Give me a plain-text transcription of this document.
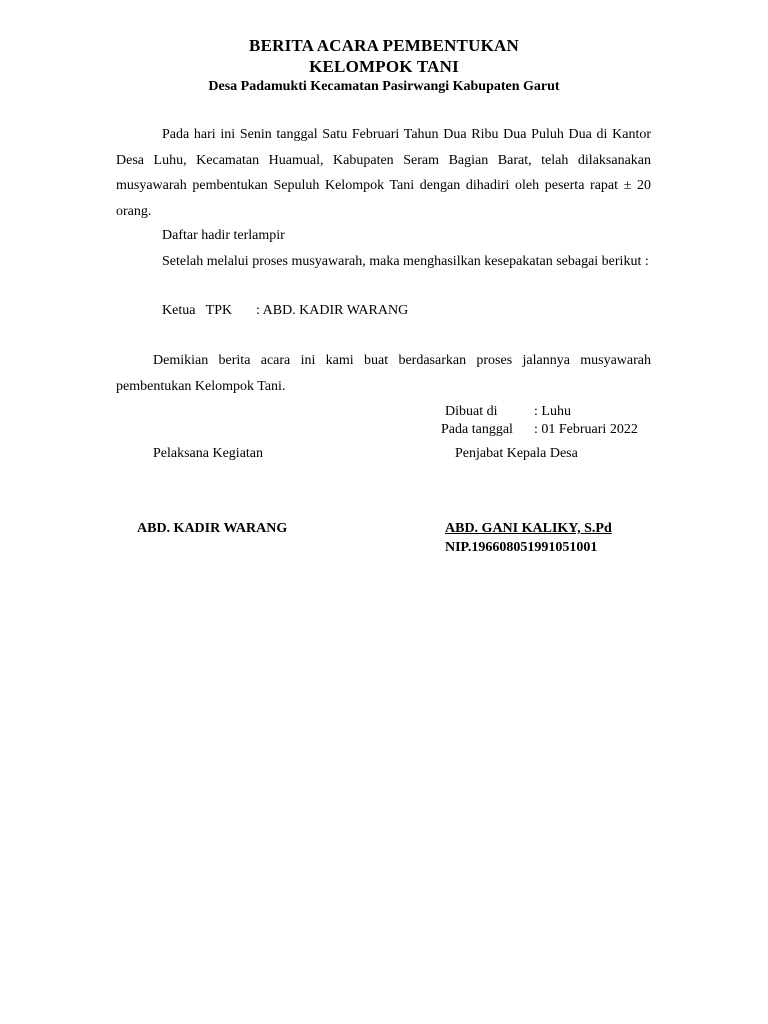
BERITA ACARA PEMBENTUKAN
KELOMPOK TANI
Desa Padamukti Kecamatan Pasirwangi Kabupaten Garut
Pada hari ini Senin tanggal Satu Februari Tahun Dua Ribu Dua Puluh Dua di Kantor Desa Luhu, Kecamatan Huamual, Kabupaten Seram Bagian Barat, telah dilaksanakan musyawarah pembentukan Sepuluh Kelompok Tani dengan dihadiri oleh peserta rapat ± 20 orang.
Daftar hadir terlampir
Setelah melalui proses musyawarah, maka menghasilkan kesepakatan sebagai berikut :
Ketua   TPK : ABD. KADIR WARANG
Demikian berita acara ini kami buat berdasarkan proses jalannya musyawarah pembentukan Kelompok Tani.
Dibuat di	: Luhu
Pada tanggal : 01 Februari 2022
Pelaksana Kegiatan	Penjabat Kepala Desa
ABD. KADIR WARANG	ABD. GANI KALIKY, S.Pd
NIP.196608051991051001
